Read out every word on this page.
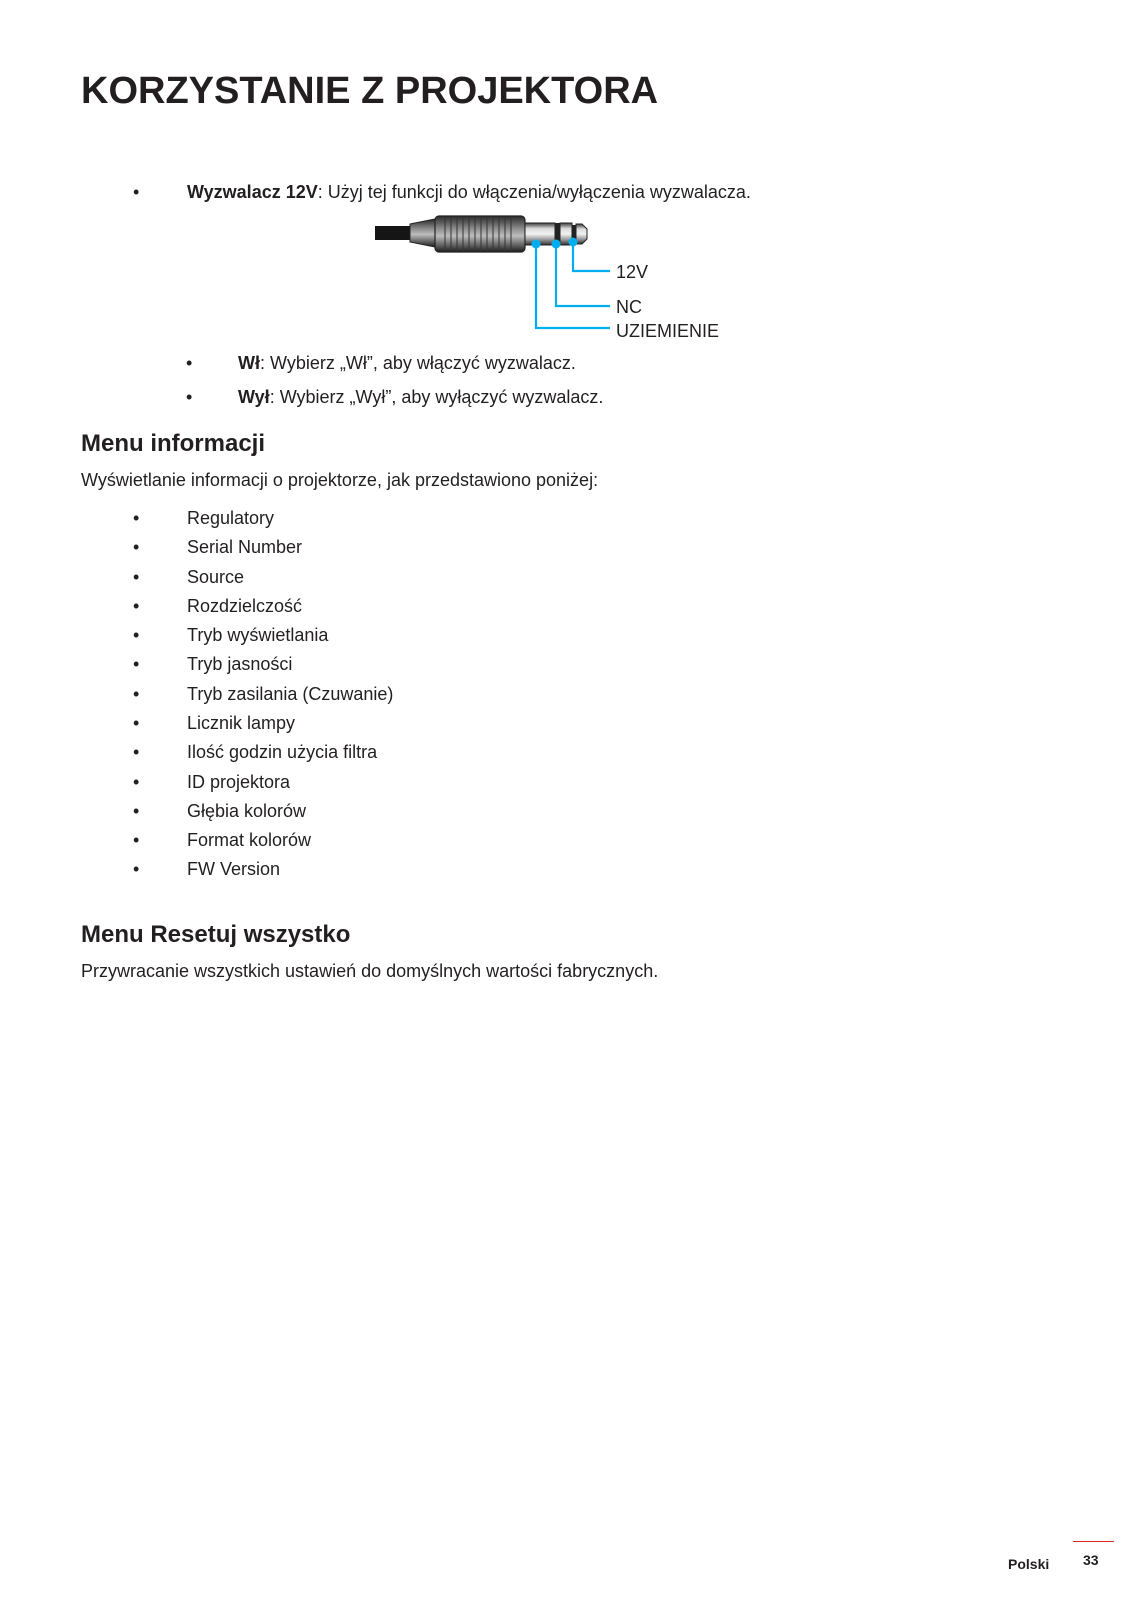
KORZYSTANIE Z PROJEKTORA
•	Wyzwalacz 12V: Użyj tej funkcji do włączenia/wyłączenia wyzwalacza.
12V
NC
UZIEMIENIE
•	Wł: Wybierz „Wł”, aby włączyć wyzwalacz.
•	Wył: Wybierz „Wył”, aby wyłączyć wyzwalacz.
Menu informacji
Wyświetlanie informacji o projektorze, jak przedstawiono poniżej:
•	Regulatory
•	Serial Number
•	Source
•	Rozdzielczość
•	Tryb wyświetlania
•	Tryb jasności
•	Tryb zasilania (Czuwanie)
•	Licznik lampy
•	Ilość godzin użycia filtra
•	ID projektora
•	Głębia kolorów
•	Format kolorów
•	FW Version
Menu Resetuj wszystko
Przywracanie wszystkich ustawień do domyślnych wartości fabrycznych.
Polski 33
